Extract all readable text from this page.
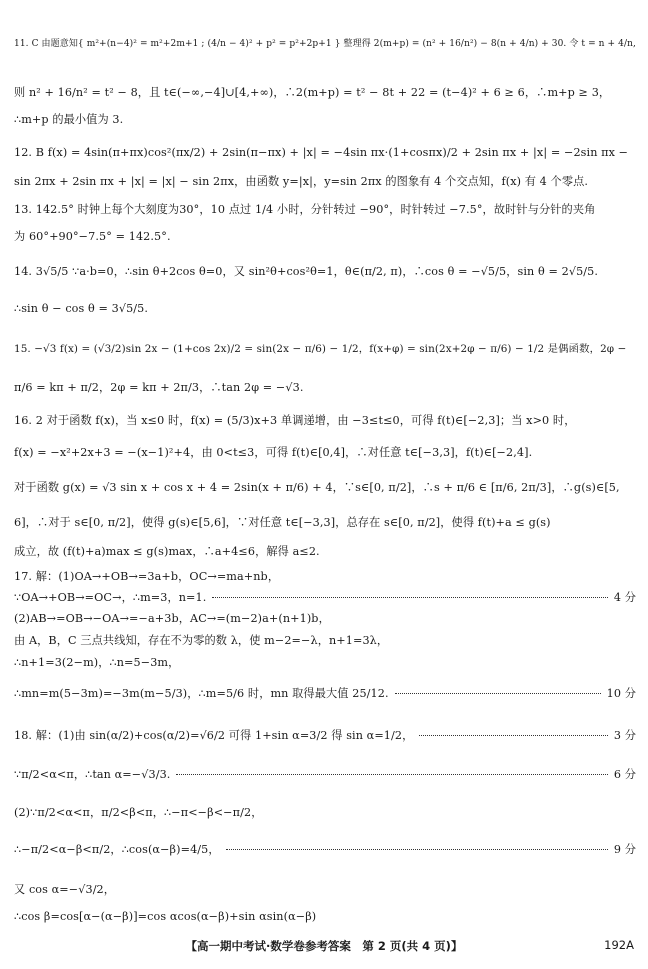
11. C 由题意知{ m²+(n−4)² = m²+2m+1 ; (4/n − 4)² + p² = p²+2p+1 } 整理得 2(m+p) = (n² + 16/n²) − 8(n + 4/n) + 30. 令 t = n + 4/n,
则 n² + 16/n² = t² − 8，且 t∈(−∞,−4]∪[4,+∞)，∴2(m+p) = t² − 8t + 22 = (t−4)² + 6 ≥ 6，∴m+p ≥ 3，
∴m+p 的最小值为 3.
12. B f(x) = 4sin(π+πx)cos²(πx/2) + 2sin(π−πx) + |x| = −4sin πx·(1+cosπx)/2 + 2sin πx + |x| = −2sin πx −
sin 2πx + 2sin πx + |x| = |x| − sin 2πx，由函数 y=|x|，y=sin 2πx 的图象有 4 个交点知，f(x) 有 4 个零点.
13. 142.5° 时钟上每个大刻度为30°，10 点过 1/4 小时，分针转过 −90°，时针转过 −7.5°，故时针与分针的夹角
为 60°+90°−7.5° = 142.5°.
14. 3√5/5 ∵a·b=0，∴sin θ+2cos θ=0，又 sin²θ+cos²θ=1，θ∈(π/2, π)，∴cos θ = −√5/5，sin θ = 2√5/5.
∴sin θ − cos θ = 3√5/5.
15. −√3 f(x) = (√3/2)sin 2x − (1+cos 2x)/2 = sin(2x − π/6) − 1/2，f(x+φ) = sin(2x+2φ − π/6) − 1/2 是偶函数，2φ −
π/6 = kπ + π/2，2φ = kπ + 2π/3，∴tan 2φ = −√3.
16. 2 对于函数 f(x)，当 x≤0 时，f(x) = (5/3)x+3 单调递增，由 −3≤t≤0，可得 f(t)∈[−2,3]；当 x>0 时，
f(x) = −x²+2x+3 = −(x−1)²+4，由 0<t≤3，可得 f(t)∈[0,4]，∴对任意 t∈[−3,3]，f(t)∈[−2,4].
对于函数 g(x) = √3 sin x + cos x + 4 = 2sin(x + π/6) + 4，∵s∈[0, π/2]，∴s + π/6 ∈ [π/6, 2π/3]，∴g(s)∈[5,
6]，∴对于 s∈[0, π/2]，使得 g(s)∈[5,6]，∵对任意 t∈[−3,3]，总存在 s∈[0, π/2]，使得 f(t)+a ≤ g(s)
成立，故 (f(t)+a)max ≤ g(s)max，∴a+4≤6，解得 a≤2.
17. 解：(1)OA→+OB→=3a+b，OC→=ma+nb，
∵OA→+OB→=OC→，∴m=3，n=1.	4 分
(2)AB→=OB→−OA→=−a+3b，AC→=(m−2)a+(n+1)b，
由 A，B，C 三点共线知，存在不为零的数 λ，使 m−2=−λ，n+1=3λ，
∴n+1=3(2−m)，∴n=5−3m，
∴mn=m(5−3m)=−3m(m−5/3)，∴m=5/6 时，mn 取得最大值 25/12.	10 分
18. 解：(1)由 sin(α/2)+cos(α/2)=√6/2 可得 1+sin α=3/2 得 sin α=1/2，	3 分
∵π/2<α<π，∴tan α=−√3/3.	6 分
(2)∵π/2<α<π，π/2<β<π，∴−π<−β<−π/2，
∴−π/2<α−β<π/2，∴cos(α−β)=4/5，	9 分
又 cos α=−√3/2，
∴cos β=cos[α−(α−β)]=cos αcos(α−β)+sin αsin(α−β)
【高一期中考试·数学卷参考答案　第 2 页(共 4 页)】	192A
